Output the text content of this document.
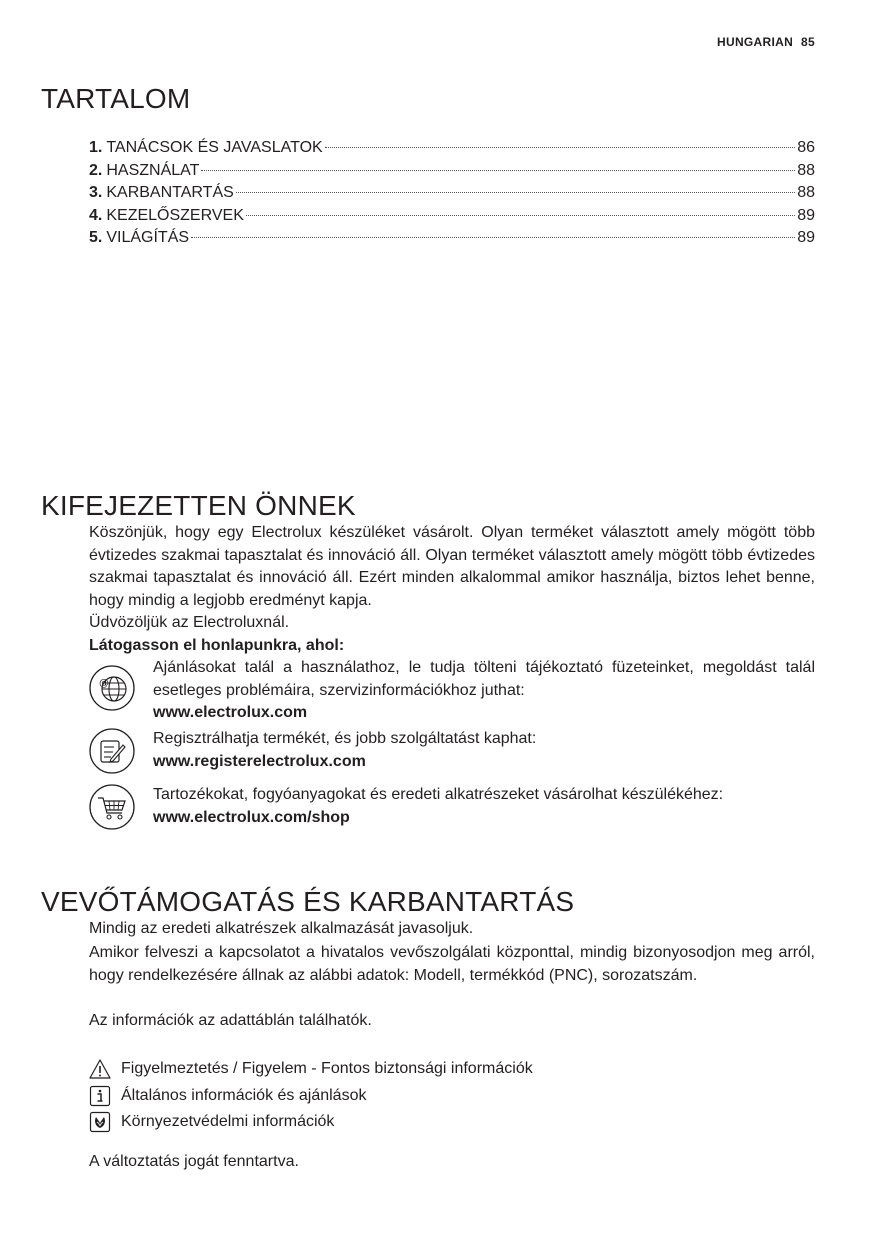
HUNGARIAN 85
TARTALOM
1. TANÁCSOK ÉS JAVASLATOK	86
2. HASZNÁLAT	88
3. KARBANTARTÁS	88
4. KEZELŐSZERVEK	89
5. VILÁGÍTÁS	89
KIFEJEZETTEN ÖNNEK
Köszönjük, hogy egy Electrolux készüléket vásárolt. Olyan terméket választott amely mögött több évtizedes szakmai tapasztalat és innováció áll. Olyan terméket választott amely mögött több évtizedes szakmai tapasztalat és innováció áll. Ezért minden alkalommal amikor használja, biztos lehet benne, hogy mindig a legjobb eredményt kapja.
Üdvözöljük az Electroluxnál.
Látogasson el honlapunkra, ahol:
@
Ajánlásokat talál a használathoz, le tudja tölteni tájékoztató füzeteinket, megoldást talál esetleges problémáira, szervizinformációkhoz juthat:
www.electrolux.com
Regisztrálhatja termékét, és jobb szolgáltatást kaphat:
www.registerelectrolux.com
Tartozékokat, fogyóanyagokat és eredeti alkatrészeket vásárolhat készülékéhez:
www.electrolux.com/shop
VEVŐTÁMOGATÁS ÉS KARBANTARTÁS
Mindig az eredeti alkatrészek alkalmazását javasoljuk.
Amikor felveszi a kapcsolatot a hivatalos vevőszolgálati központtal, mindig bizonyosodjon meg arról, hogy rendelkezésére állnak az alábbi adatok: Modell, termékkód (PNC), sorozatszám.
Az információk az adattáblán találhatók.
Figyelmeztetés / Figyelem - Fontos biztonsági információk
Általános információk és ajánlások
Környezetvédelmi információk
A változtatás jogát fenntartva.
